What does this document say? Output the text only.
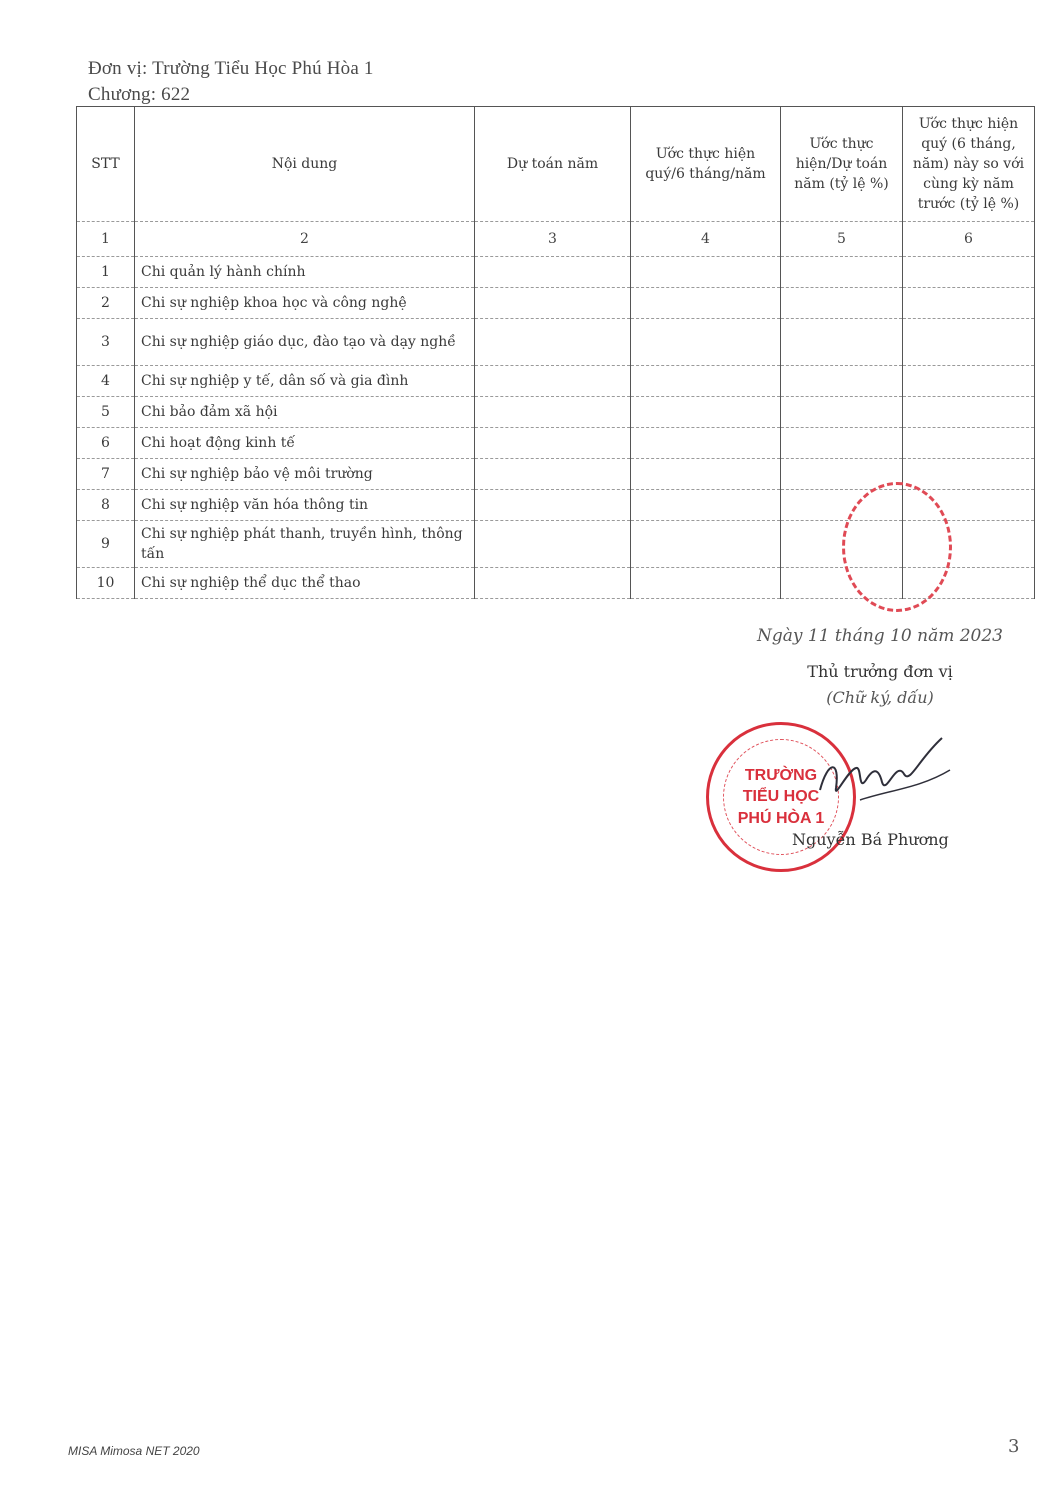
Đơn vị: Trường Tiểu Học Phú Hòa 1
Chương: 622
STT	Nội dung	Dự toán năm	Ước thực hiện quý/6 tháng/năm	Ước thực hiện/Dự toán năm (tỷ lệ %)	Ước thực hiện quý (6 tháng, năm) này so với cùng kỳ năm trước (tỷ lệ %)
1	2	3	4	5	6
1	Chi quản lý hành chính				
2	Chi sự nghiệp khoa học và công nghệ				
3	Chi sự nghiệp giáo dục, đào tạo và dạy nghề				
4	Chi sự nghiệp y tế, dân số và gia đình				
5	Chi bảo đảm xã hội				
6	Chi hoạt động kinh tế				
7	Chi sự nghiệp bảo vệ môi trường				
8	Chi sự nghiệp văn hóa thông tin				
9	Chi sự nghiệp phát thanh, truyền hình, thông tấn				
10	Chi sự nghiệp thể dục thể thao				
Ngày 11 tháng 10 năm 2023
Thủ trưởng đơn vị
(Chữ ký, dấu)
TRƯỜNG
TIỂU HỌC
PHÚ HÒA 1
Nguyễn Bá Phương
MISA Mimosa NET 2020	3
